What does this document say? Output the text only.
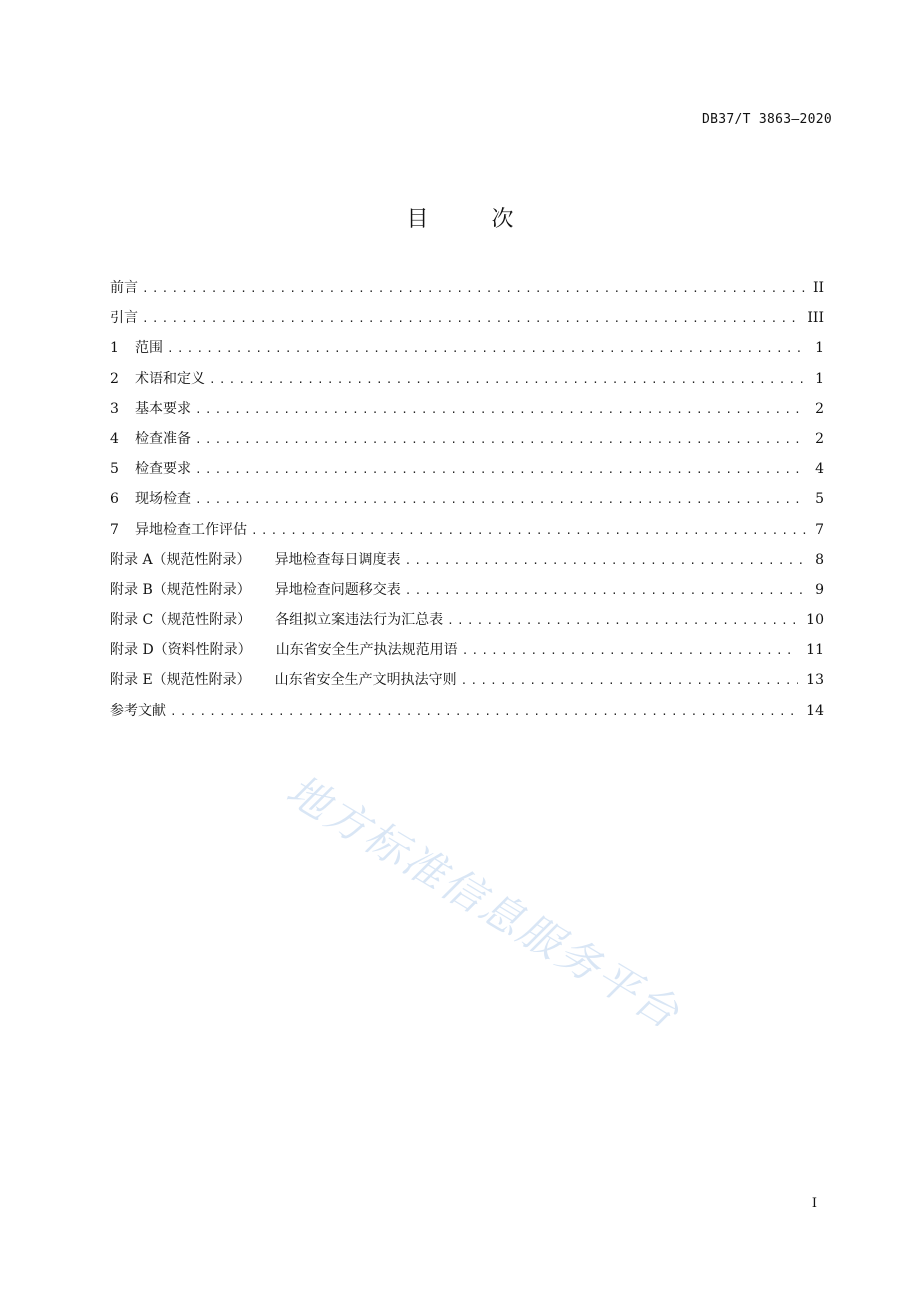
DB37/T 3863—2020
目 次
前言 .....	II
引言 .....	III
1	范围 .....	1
2	术语和定义 .....	1
3	基本要求 .....	2
4	检查准备 .....	2
5	检查要求 .....	4
6	现场检查 .....	5
7	异地检查工作评估 .....	7
附录 A（规范性附录） 异地检查每日调度表 .....	8
附录 B（规范性附录） 异地检查问题移交表 .....	9
附录 C（规范性附录） 各组拟立案违法行为汇总表 .....	10
附录 D（资料性附录） 山东省安全生产执法规范用语 .....	11
附录 E（规范性附录） 山东省安全生产文明执法守则 .....	13
参考文献 .....	14
地方标准信息服务平台
I
